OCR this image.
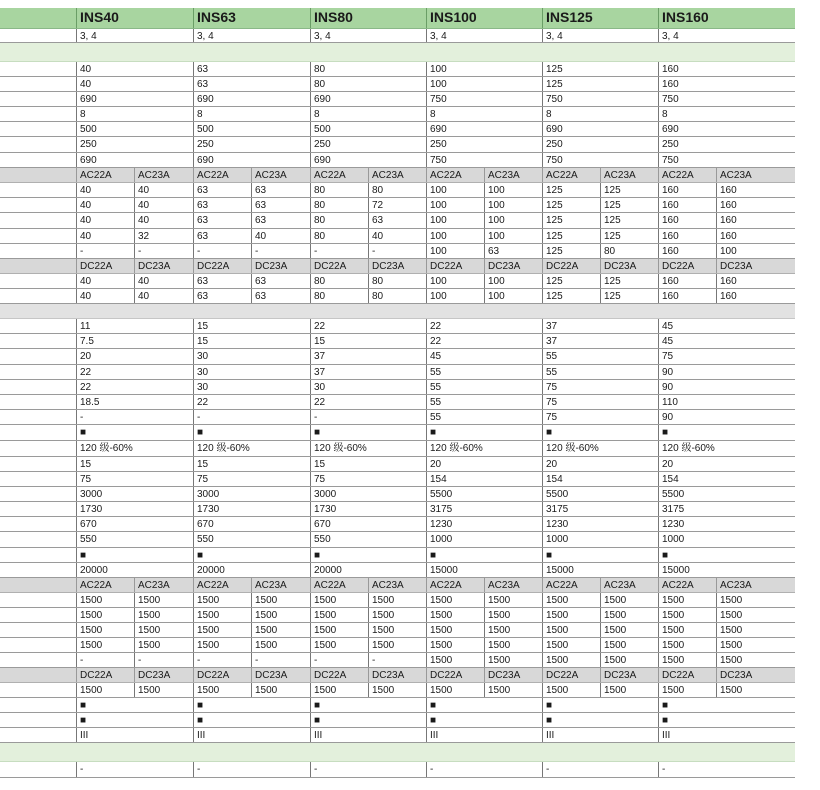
INS40	INS63	INS80	INS100	INS125	INS160
3, 4	3, 4	3, 4	3, 4	3, 4	3, 4
40	63	80	100	125	160
40	63	80	100	125	160
690	690	690	750	750	750
8	8	8	8	8	8
500	500	500	690	690	690
250	250	250	250	250	250
690	690	690	750	750	750
AC22A	AC23A	AC22A	AC23A	AC22A	AC23A	AC22A	AC23A	AC22A	AC23A	AC22A	AC23A
40	40	63	63	80	80	100	100	125	125	160	160
40	40	63	63	80	72	100	100	125	125	160	160
40	40	63	63	80	63	100	100	125	125	160	160
40	32	63	40	80	40	100	100	125	125	160	160
-	-	-	-	-	-	100	63	125	80	160	100
DC22A	DC23A	DC22A	DC23A	DC22A	DC23A	DC22A	DC23A	DC22A	DC23A	DC22A	DC23A
40	40	63	63	80	80	100	100	125	125	160	160
40	40	63	63	80	80	100	100	125	125	160	160
11	15	22	22	37	45
7.5	15	15	22	37	45
20	30	37	45	55	75
22	30	37	55	55	90
22	30	30	55	75	90
18.5	22	22	55	75	110
-	-	-	55	75	90
■	■	■	■	■	■
120 级-60%	120 级-60%	120 级-60%	120 级-60%	120 级-60%	120 级-60%
15	15	15	20	20	20
75	75	75	154	154	154
3000	3000	3000	5500	5500	5500
1730	1730	1730	3175	3175	3175
670	670	670	1230	1230	1230
550	550	550	1000	1000	1000
■	■	■	■	■	■
20000	20000	20000	15000	15000	15000
AC22A	AC23A	AC22A	AC23A	AC22A	AC23A	AC22A	AC23A	AC22A	AC23A	AC22A	AC23A
1500	1500	1500	1500	1500	1500	1500	1500	1500	1500	1500	1500
1500	1500	1500	1500	1500	1500	1500	1500	1500	1500	1500	1500
1500	1500	1500	1500	1500	1500	1500	1500	1500	1500	1500	1500
1500	1500	1500	1500	1500	1500	1500	1500	1500	1500	1500	1500
-	-	-	-	-	-	1500	1500	1500	1500	1500	1500
DC22A	DC23A	DC22A	DC23A	DC22A	DC23A	DC22A	DC23A	DC22A	DC23A	DC22A	DC23A
1500	1500	1500	1500	1500	1500	1500	1500	1500	1500	1500	1500
■	■	■	■	■	■
■	■	■	■	■	■
III	III	III	III	III	III
-	-	-	-	-	-
